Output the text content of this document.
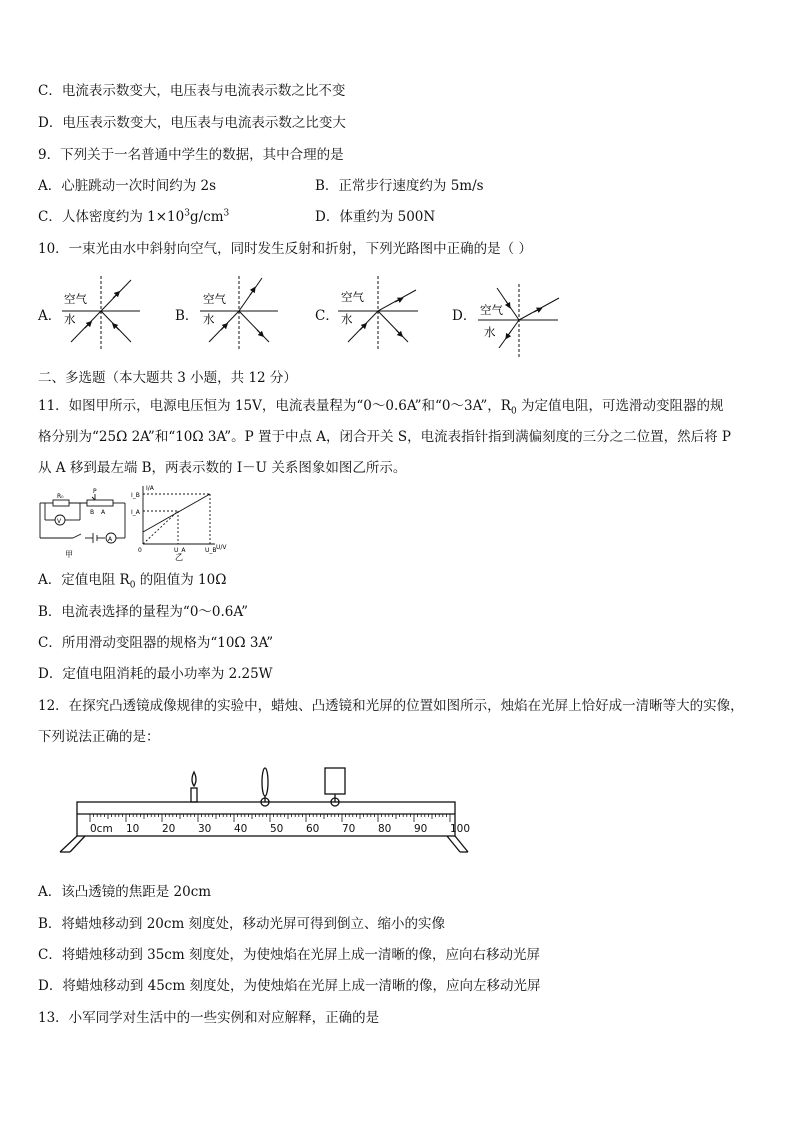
C．电流表示数变大，电压表与电流表示数之比不变
D．电压表示数变大，电压表与电流表示数之比变大
9．下列关于一名普通中学生的数据，其中合理的是
A．心脏跳动一次时间约为 2s	B．正常步行速度约为 5m/s
C．人体密度约为 $1\times 10^3g/cm^3$	D．体重约为 500N
10．一束光由水中斜射向空气，同时发生反射和折射，下列光路图中正确的是（ ）
A．	B．	C．	D．
空气
水
空气
水
空气
水
空气
水
二、多选题（本大题共 3 小题，共 12 分）
11．如图甲所示，电源电压恒为 15V，电流表量程为“0～0.6A”和“0～3A”，$R_0$ 为定值电阻，可选滑动变阻器的规
格分别为“25Ω 2A”和“10Ω 3A”。P 置于中点 A，闭合开关 S，电流表指针指到满偏刻度的三分之二位置，然后将 P
从 A 移到最左端 B，两表示数的 I－U 关系图象如图乙所示。
R₀
P
B A
V
A
甲
I/A
U/V
I_B
I_A
U_A	U_B
0
乙
A．定值电阻 $R_0$ 的阻值为 10Ω
B．电流表选择的量程为“0～0.6A”
C．所用滑动变阻器的规格为“10Ω 3A”
D．定值电阻消耗的最小功率为 2.25W
12．在探究凸透镜成像规律的实验中，蜡烛、凸透镜和光屏的位置如图所示，烛焰在光屏上恰好成一清晰等大的实像，
下列说法正确的是：
0cm 10 20 30 40 50 60 70 80 90 100
A．该凸透镜的焦距是 20cm
B．将蜡烛移动到 20cm 刻度处，移动光屏可得到倒立、缩小的实像
C．将蜡烛移动到 35cm 刻度处，为使烛焰在光屏上成一清晰的像，应向右移动光屏
D．将蜡烛移动到 45cm 刻度处，为使烛焰在光屏上成一清晰的像，应向左移动光屏
13．小军同学对生活中的一些实例和对应解释，正确的是
